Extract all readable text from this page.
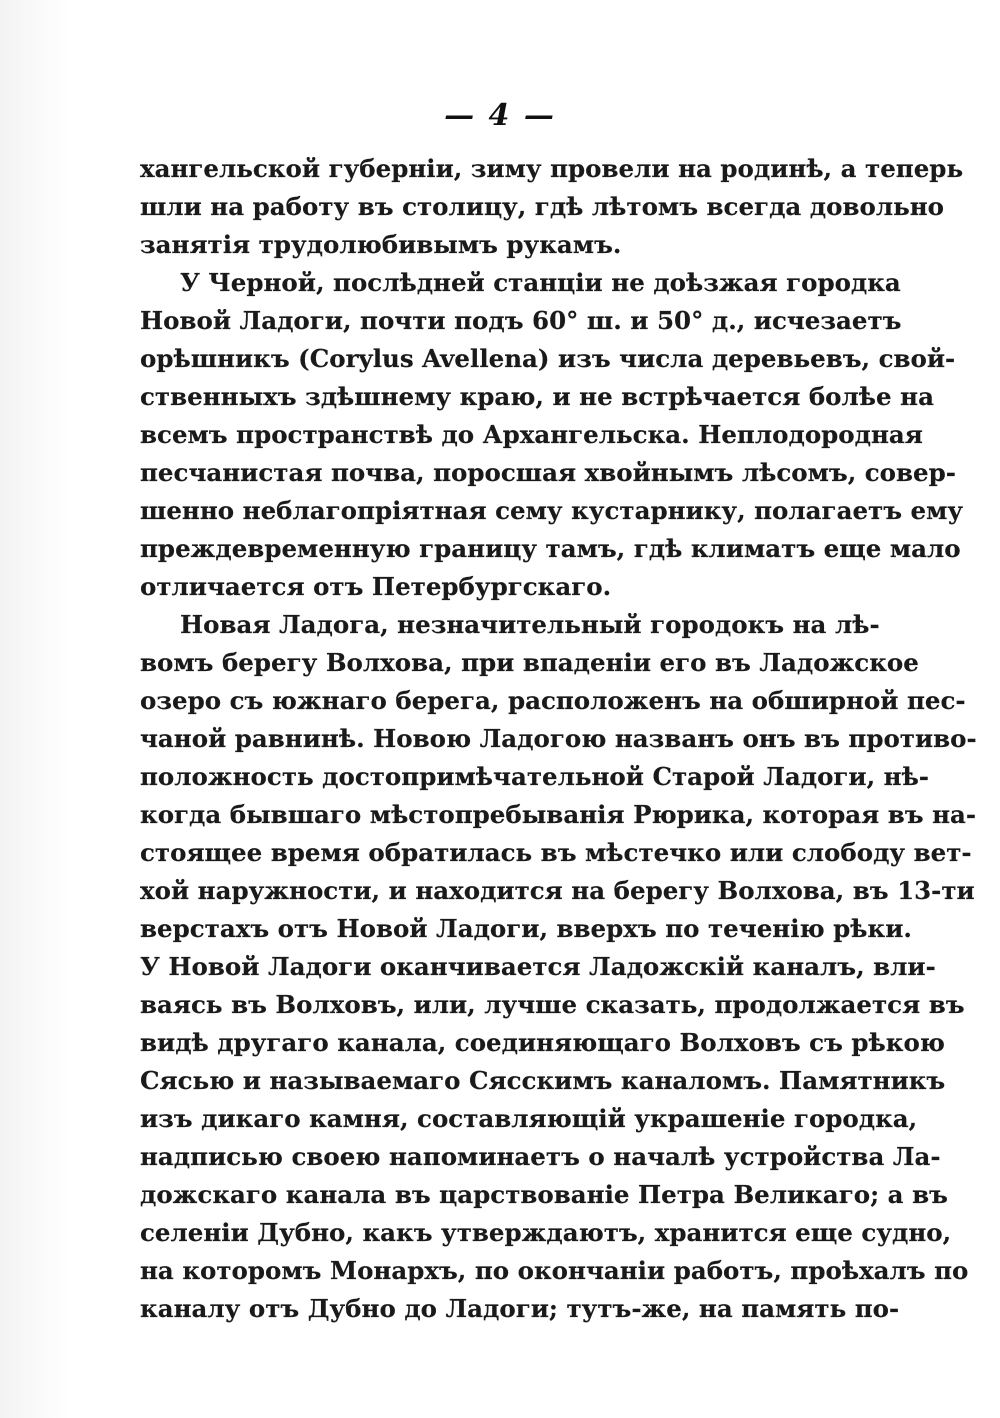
— 4 —
хангельской губерніи, зиму провели на родинѣ, а теперь
шли на работу въ столицу, гдѣ лѣтомъ всегда довольно
занятія трудолюбивымъ рукамъ.
У Черной, послѣдней станціи не доѣзжая городка
Новой Ладоги, почти подъ 60° ш. и 50° д., исчезаетъ
орѣшникъ (Corylus Avellena) изъ числа деревьевъ, свой-
ственныхъ здѣшнему краю, и не встрѣчается болѣе на
всемъ пространствѣ до Архангельска. Неплодородная
песчанистая почва, поросшая хвойнымъ лѣсомъ, совер-
шенно неблагопріятная сему кустарнику, полагаетъ ему
преждевременную границу тамъ, гдѣ климатъ еще мало
отличается отъ Петербургскаго.
Новая Ладога, незначительный городокъ на лѣ-
вомъ берегу Волхова, при впаденіи его въ Ладожское
озеро съ южнаго берега, расположенъ на обширной пес-
чаной равнинѣ. Новою Ладогою названъ онъ въ противо-
положность достопримѣчательной Старой Ладоги, нѣ-
когда бывшаго мѣстопребыванія Рюрика, которая въ на-
стоящее время обратилась въ мѣстечко или слободу вет-
хой наружности, и находится на берегу Волхова, въ 13-ти
верстахъ отъ Новой Ладоги, вверхъ по теченію рѣки.
У Новой Ладоги оканчивается Ладожскій каналъ, вли-
ваясь въ Волховъ, или, лучше сказать, продолжается въ
видѣ другаго канала, соединяющаго Волховъ съ рѣкою
Сясью и называемаго Сясскимъ каналомъ. Памятникъ
изъ дикаго камня, составляющій украшеніе городка,
надписью своею напоминаетъ о началѣ устройства Ла-
дожскаго канала въ царствованіе Петра Великаго; а въ
селеніи Дубно, какъ утверждаютъ, хранится еще судно,
на которомъ Монархъ, по окончаніи работъ, проѣхалъ по
каналу отъ Дубно до Ладоги; тутъ-же, на память по-
